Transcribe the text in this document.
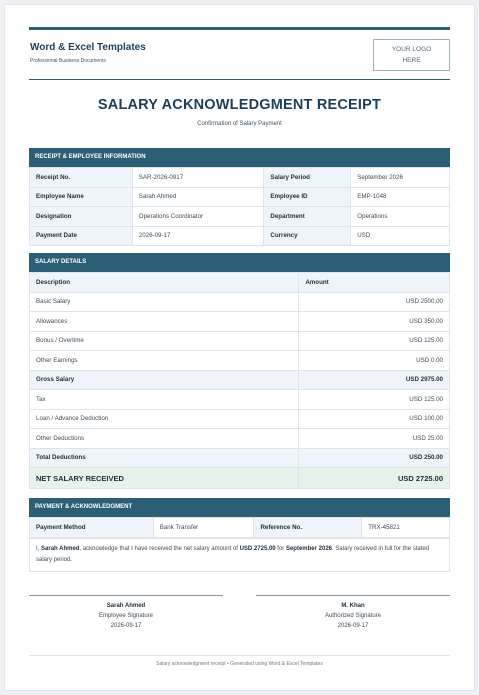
Word & Excel Templates
Professional Business Documents
YOUR LOGO
HERE
SALARY ACKNOWLEDGMENT RECEIPT
Confirmation of Salary Payment
RECEIPT & EMPLOYEE INFORMATION
Receipt No.	SAR-2026-0917	Salary Period	September 2026
Employee Name	Sarah Ahmed	Employee ID	EMP-1048
Designation	Operations Coordinator	Department	Operations
Payment Date	2026-09-17	Currency	USD
SALARY DETAILS
Description	Amount
Basic Salary	USD 2500.00
Allowances	USD 350.00
Bonus / Overtime	USD 125.00
Other Earnings	USD 0.00
Gross Salary	USD 2975.00
Tax	USD 125.00
Loan / Advance Deduction	USD 100.00
Other Deductions	USD 25.00
Total Deductions	USD 250.00
NET SALARY RECEIVED	USD 2725.00
PAYMENT & ACKNOWLEDGMENT
Payment Method	Bank Transfer	Reference No.	TRX-45821
I, Sarah Ahmed, acknowledge that I have received the net salary amount of USD 2725.00 for September 2026. Salary received in full for the stated salary period.
Sarah Ahmed
Employee Signature
2026-09-17
M. Khan
Authorized Signature
2026-09-17
Salary acknowledgment receipt • Generated using Word & Excel Templates
